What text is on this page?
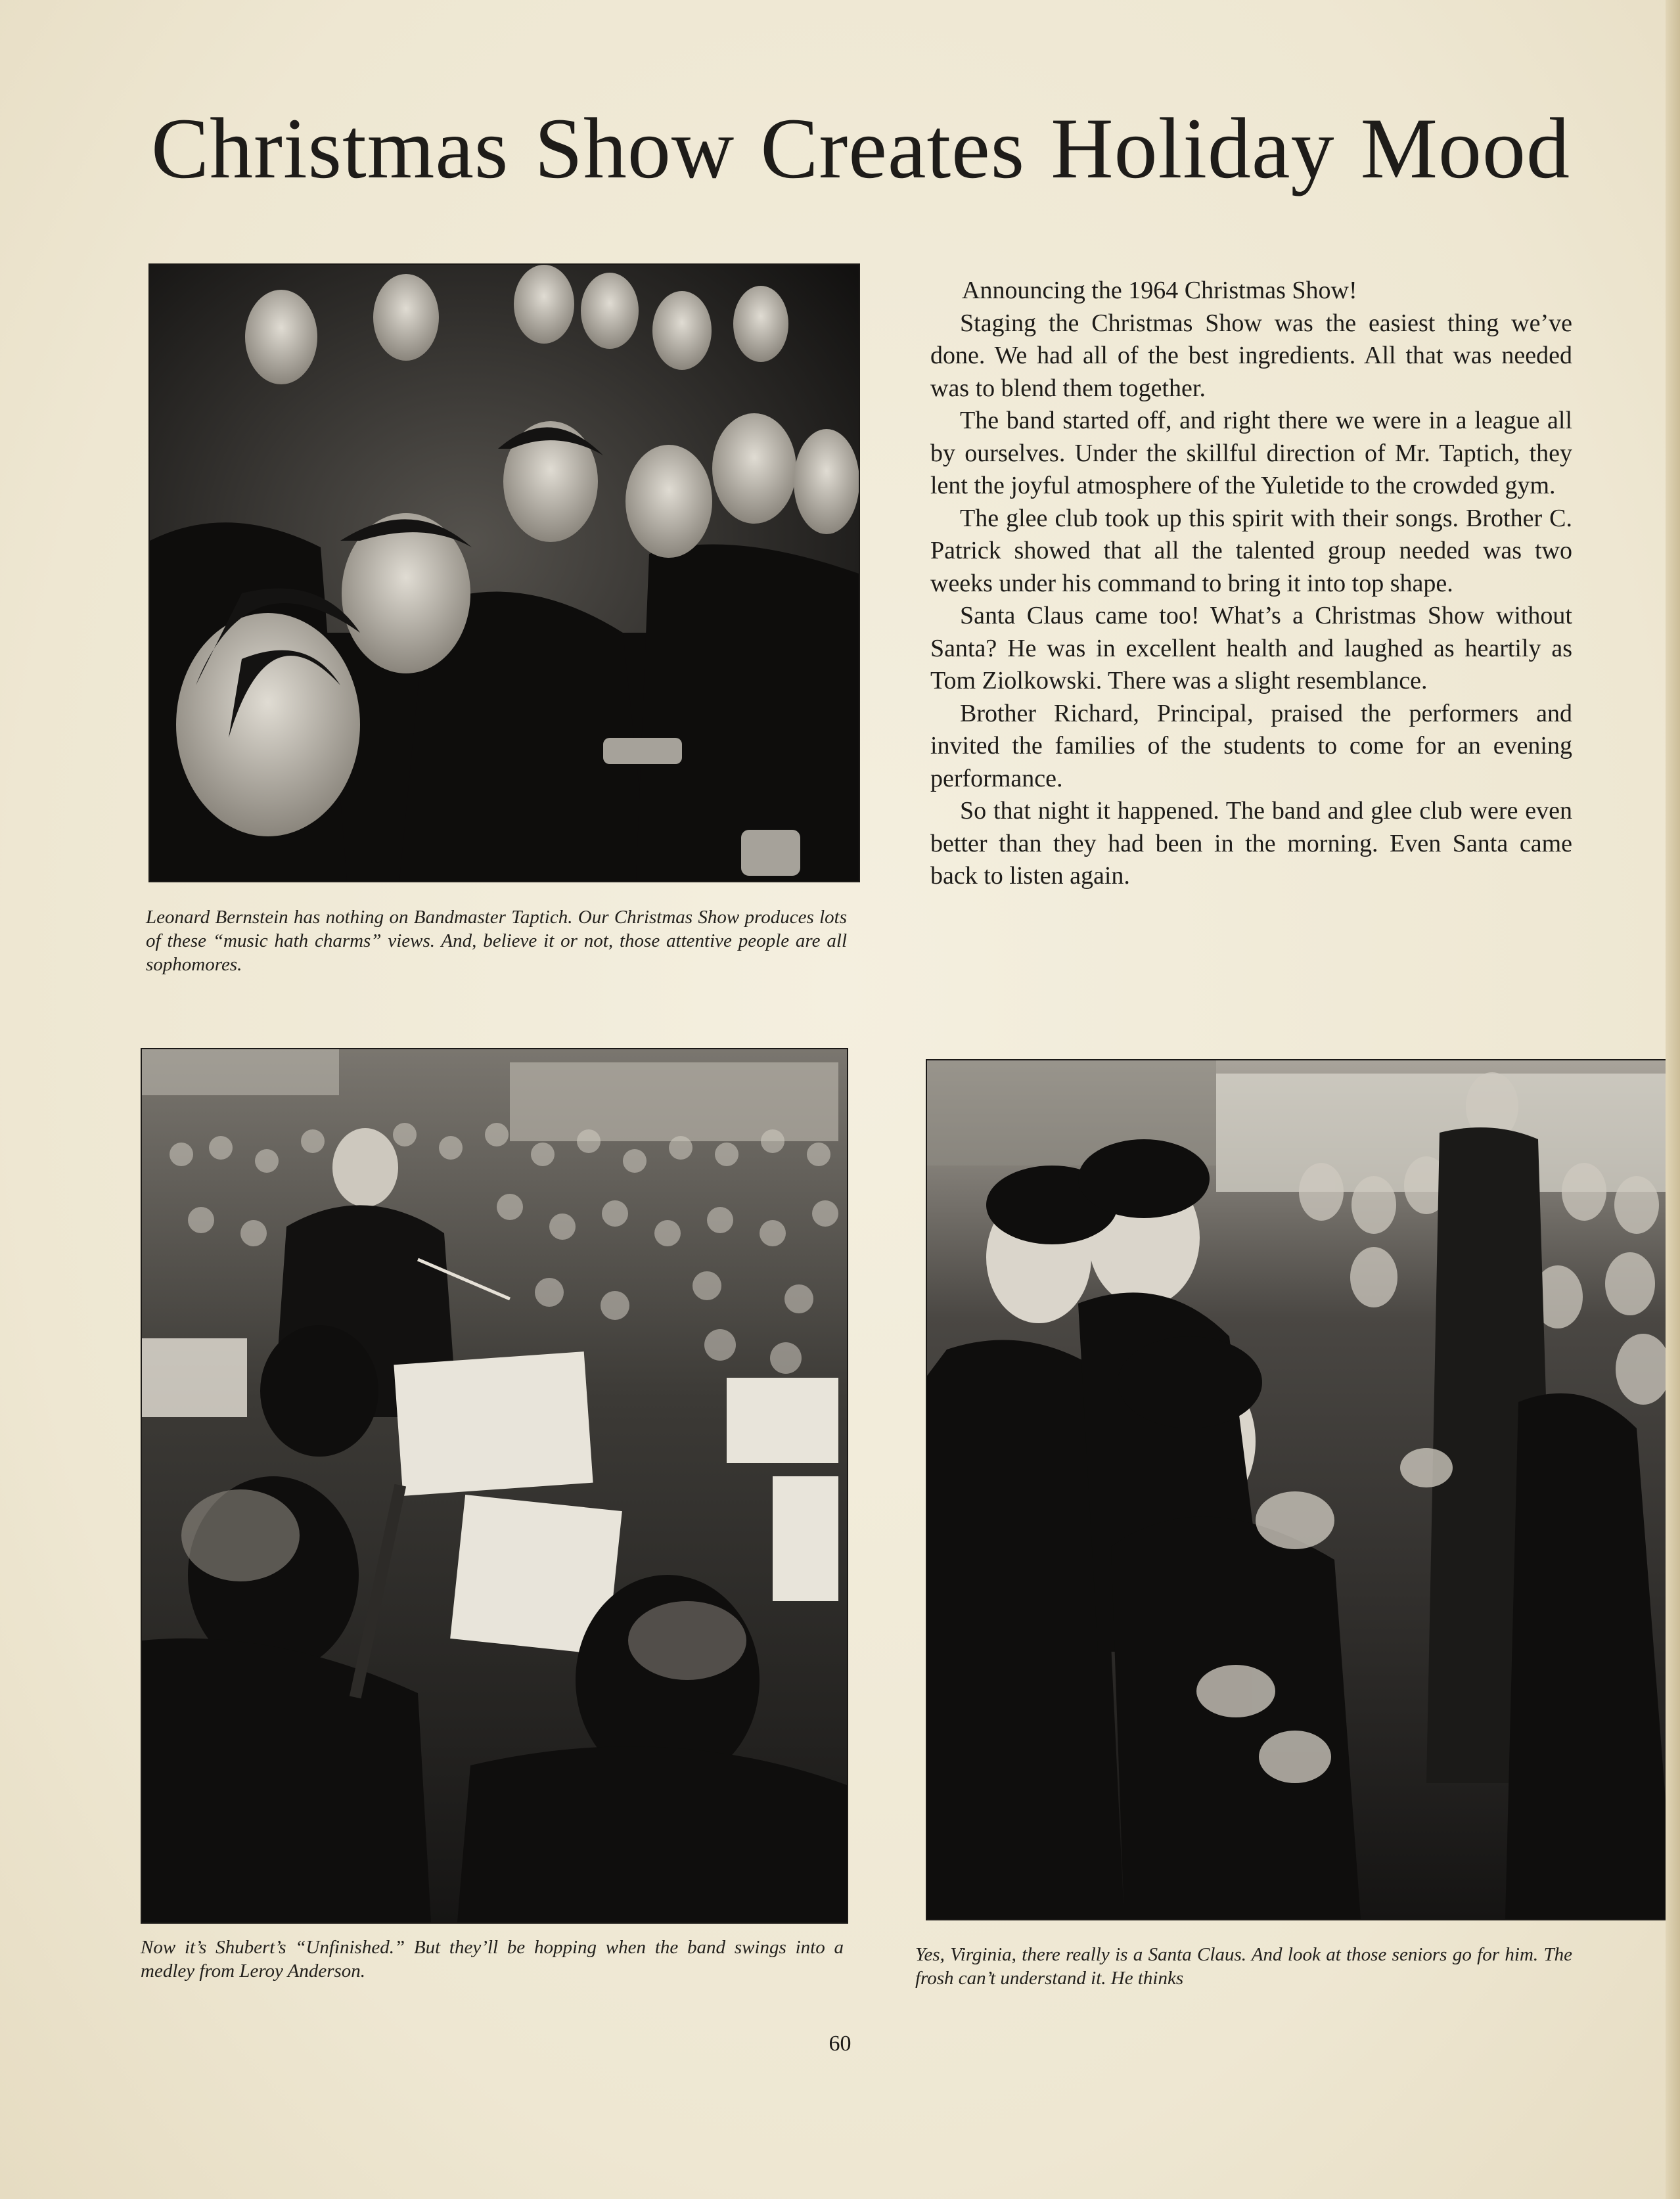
Christmas Show Creates Holiday Mood

Leonard Bernstein has nothing on Bandmaster Taptich. Our Christmas Show produces lots of these “music hath charms” views. And, believe it or not, those attentive people are all sophomores.

Announcing the 1964 Christmas Show!

Staging the Christmas Show was the easiest thing we’ve done. We had all of the best ingredients. All that was needed was to blend them together.

The band started off, and right there we were in a league all by ourselves. Under the skillful direction of Mr. Taptich, they lent the joyful atmosphere of the Yuletide to the crowded gym.

The glee club took up this spirit with their songs. Brother C. Patrick showed that all the talented group needed was two weeks under his command to bring it into top shape.

Santa Claus came too! What’s a Christmas Show without Santa? He was in excellent health and laughed as heartily as Tom Ziolkowski. There was a slight resemblance.

Brother Richard, Principal, praised the performers and invited the families of the students to come for an evening performance.

So that night it happened. The band and glee club were even better than they had been in the morning. Even Santa came back to listen again.

Now it’s Shubert’s “Unfinished.” But they’ll be hopping when the band swings into a medley from Leroy Anderson.

Yes, Virginia, there really is a Santa Claus. And look at those seniors go for him. The frosh can’t understand it. He thinks

60
